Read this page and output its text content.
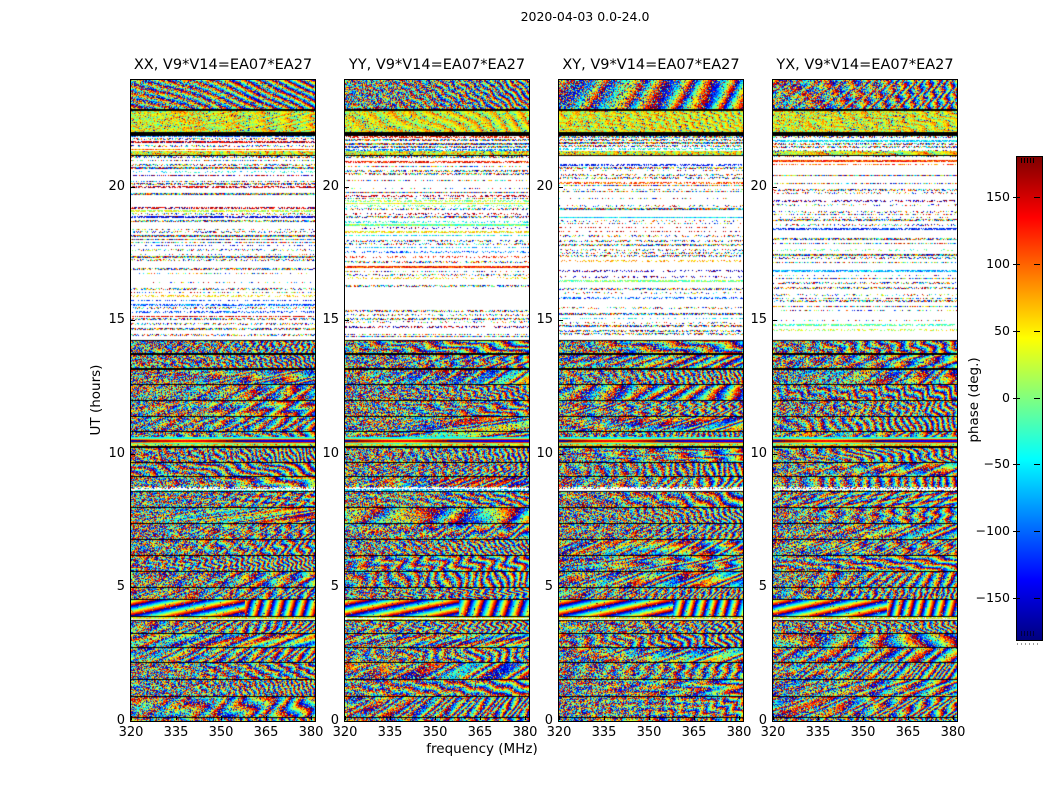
2020-04-03 0.0-24.0
UT (hours)
frequency (MHz)
XX, V9*V14=EA07*EA27
320	335	350	365	380
0
5
10
15
20
YY, V9*V14=EA07*EA27
320	335	350	365	380
0
5
10
15
20
XY, V9*V14=EA07*EA27
320	335	350	365	380
0
5
10
15
20
YX, V9*V14=EA07*EA27
320	335	350	365	380
0
5
10
15
20
150
100
50
0
−50
−100
−150
phase (deg.)
